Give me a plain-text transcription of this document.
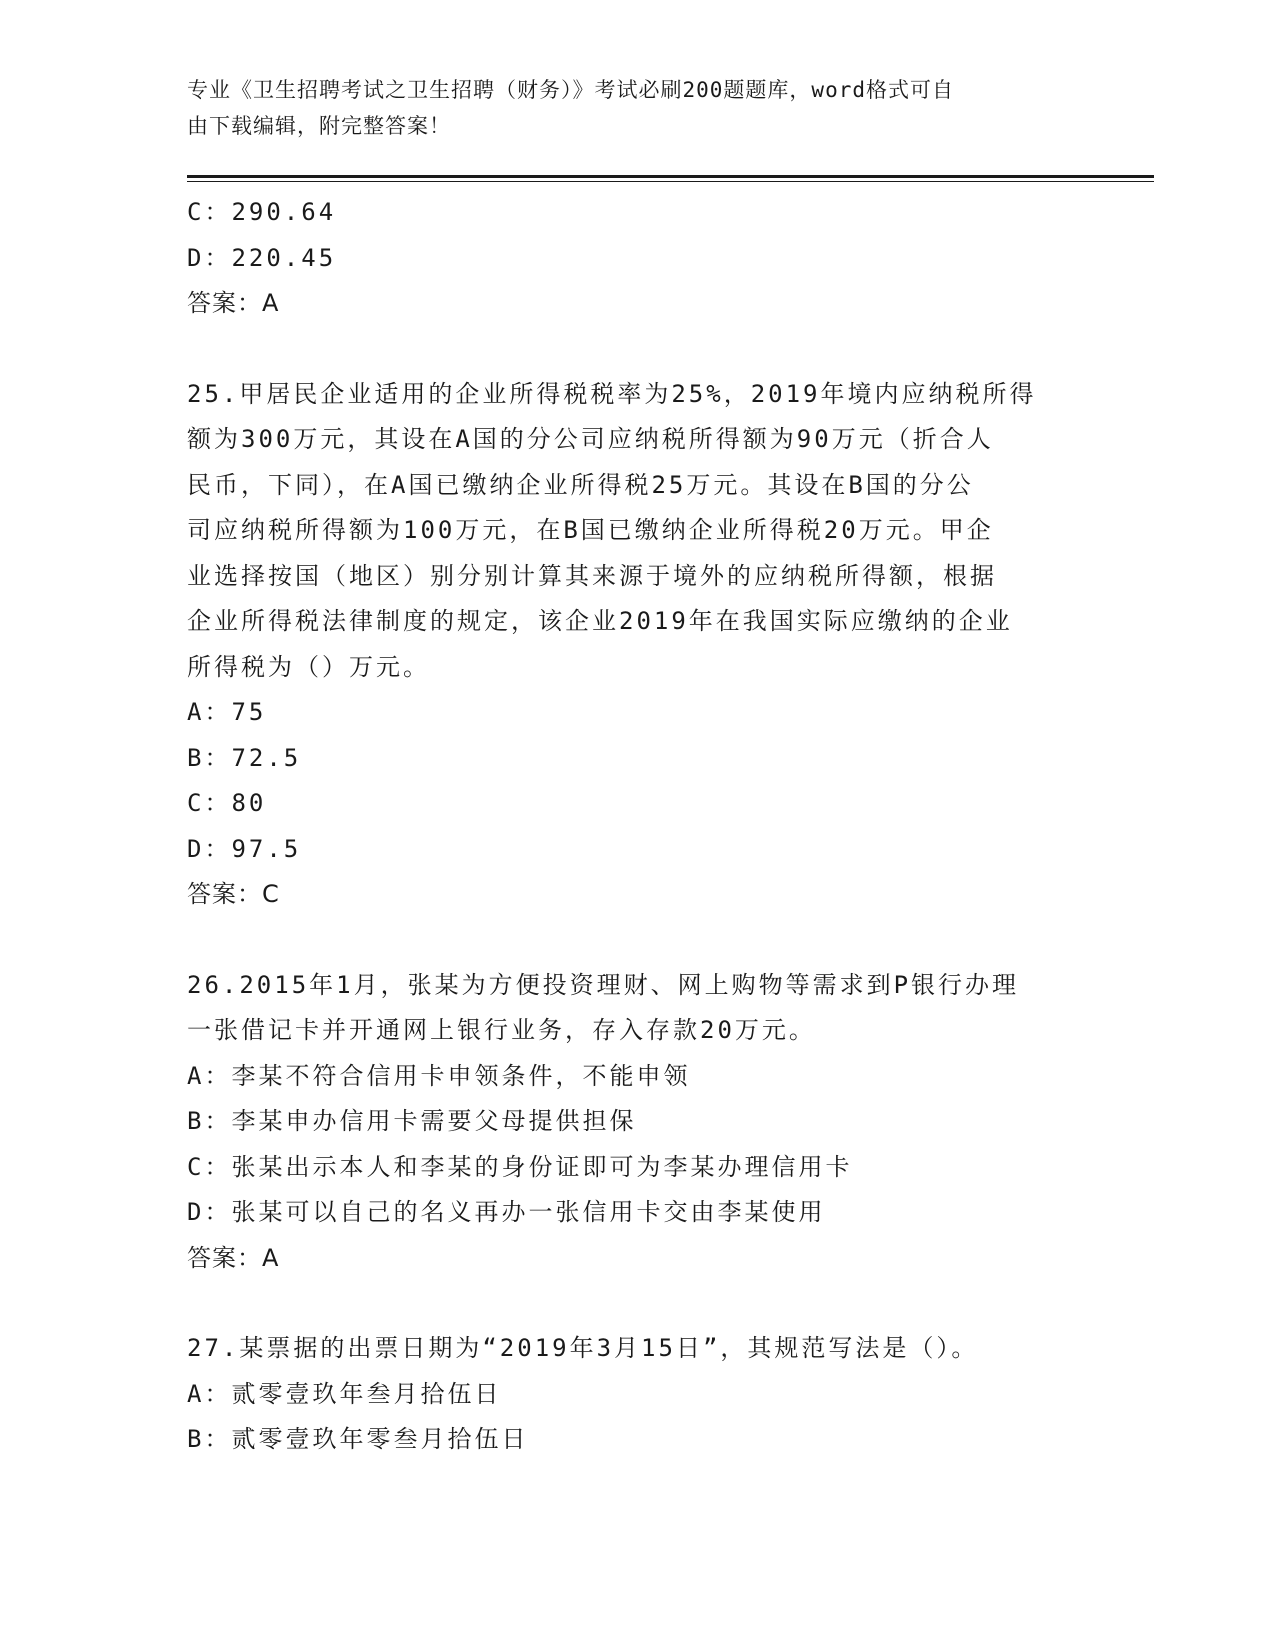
专业《卫生招聘考试之卫生招聘（财务）》考试必刷200题题库，word格式可自
由下载编辑，附完整答案！
C：290.64
D：220.45
答案：A
25.甲居民企业适用的企业所得税税率为25%，2019年境内应纳税所得
额为300万元，其设在A国的分公司应纳税所得额为90万元（折合人
民币，下同），在A国已缴纳企业所得税25万元。其设在B国的分公
司应纳税所得额为100万元，在B国已缴纳企业所得税20万元。甲企
业选择按国（地区）别分别计算其来源于境外的应纳税所得额，根据
企业所得税法律制度的规定，该企业2019年在我国实际应缴纳的企业
所得税为（）万元。
A：75
B：72.5
C：80
D：97.5
答案：C
26.2015年1月，张某为方便投资理财、网上购物等需求到P银行办理
一张借记卡并开通网上银行业务，存入存款20万元。
A：李某不符合信用卡申领条件，不能申领
B：李某申办信用卡需要父母提供担保
C：张某出示本人和李某的身份证即可为李某办理信用卡
D：张某可以自己的名义再办一张信用卡交由李某使用
答案：A
27.某票据的出票日期为“2019年3月15日”，其规范写法是（）。
A：贰零壹玖年叁月拾伍日
B：贰零壹玖年零叁月拾伍日
